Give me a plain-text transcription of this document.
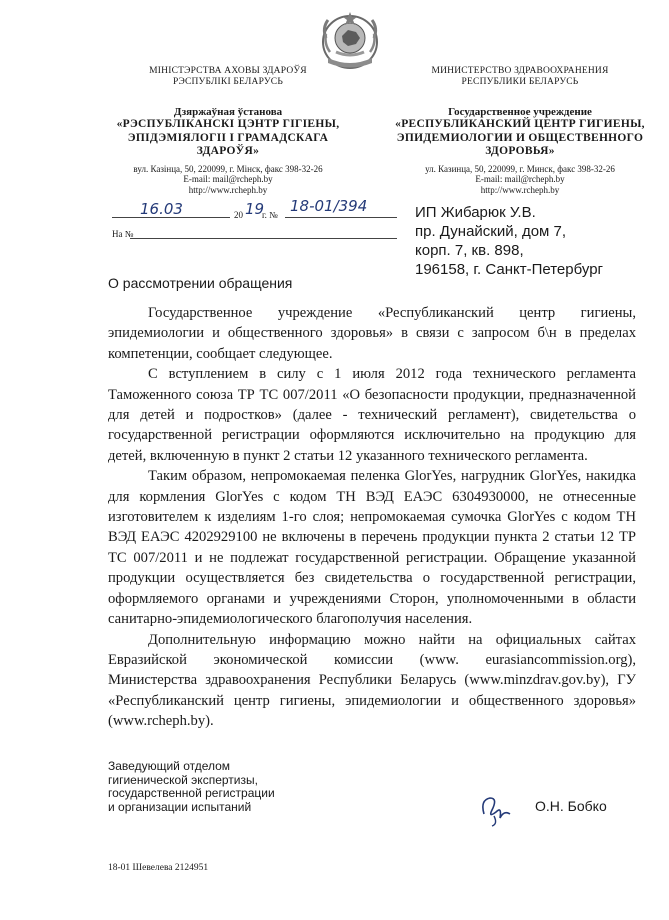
МІНІСТЭРСТВА АХОВЫ ЗДАРОЎЯ
РЭСПУБЛІКІ БЕЛАРУСЬ
Дзяржаўная ўстанова
«РЭСПУБЛІКАНСКІ ЦЭНТР ГІГІЕНЫ,
ЭПІДЭМІЯЛОГІІ І ГРАМАДСКАГА
ЗДАРОЎЯ»
вул. Казінца, 50, 220099, г. Мінск, факс 398-32-26
E-mail: mail@rcheph.by
http://www.rcheph.by
МИНИСТЕРСТВО ЗДРАВООХРАНЕНИЯ
РЕСПУБЛИКИ БЕЛАРУСЬ
Государственное учреждение
«РЕСПУБЛИКАНСКИЙ ЦЕНТР ГИГИЕНЫ,
ЭПИДЕМИОЛОГИИ И ОБЩЕСТВЕННОГО
ЗДОРОВЬЯ»
ул. Казинца, 50, 220099, г. Минск, факс 398-32-26
E-mail: mail@rcheph.by
http://www.rcheph.by
16.03	20 19
г. № 18-01/394
На №
ИП Жибарюк У.В.
пр. Дунайский, дом 7,
корп. 7, кв. 898,
196158, г. Санкт-Петербург
О рассмотрении обращения

Государственное учреждение «Республиканский центр гигиены, эпидемиологии и общественного здоровья» в связи с запросом б\н в пределах компетенции, сообщает следующее.

С вступлением в силу с 1 июля 2012 года технического регламента Таможенного союза ТР ТС 007/2011 «О безопасности продукции, предназначенной для детей и подростков» (далее - технический регламент), свидетельства о государственной регистрации оформляются исключительно на продукцию для детей, включенную в пункт 2 статьи 12 указанного технического регламента.

Таким образом, непромокаемая пеленка GlorYes, нагрудник GlorYes, накидка для кормления GlorYes с кодом ТН ВЭД ЕАЭС 6304930000, не отнесенные изготовителем к изделиям 1-го слоя; непромокаемая сумочка GlorYes с кодом ТН ВЭД ЕАЭС 4202929100 не включены в перечень продукции пункта 2 статьи 12 ТР ТС 007/2011 и не подлежат государственной регистрации. Обращение указанной продукции осуществляется без свидетельства о государственной регистрации, оформляемого органами и учреждениями Сторон, уполномоченными в области санитарно-эпидемиологического благополучия населения.

Дополнительную информацию можно найти на официальных сайтах Евразийской экономической комиссии (www. eurasiancommission.org), Министерства здравоохранения Республики Беларусь (www.minzdrav.gov.by), ГУ «Республиканский центр гигиены, эпидемиологии и общественного здоровья» (www.rcheph.by).

Заведующий отделом
гигиенической экспертизы,
государственной регистрации
и организации испытаний	О.Н. Бобко
18-01 Шевелева 2124951
